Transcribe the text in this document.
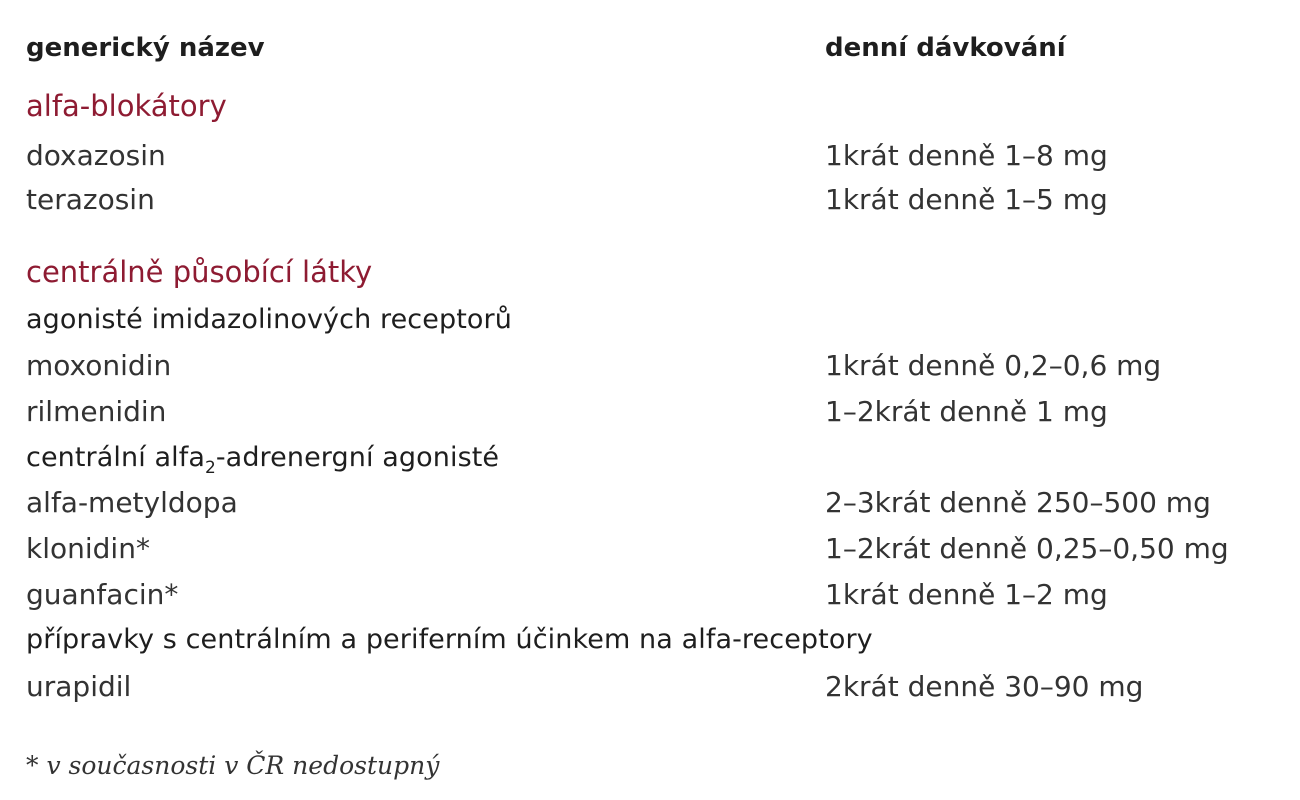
generický název	denní dávkování
alfa-blokátory
doxazosin	1krát denně 1–8 mg
terazosin	1krát denně 1–5 mg
centrálně působící látky
agonisté imidazolinových receptorů
moxonidin	1krát denně 0,2–0,6 mg
rilmenidin	1–2krát denně 1 mg
centrální alfa$_2$-adrenergní agonisté
alfa-metyldopa	2–3krát denně 250–500 mg
klonidin*	1–2krát denně 0,25–0,50 mg
guanfacin*	1krát denně 1–2 mg
přípravky s centrálním a periferním účinkem na alfa-receptory
urapidil	2krát denně 30–90 mg
* v současnosti v ČR nedostupný
